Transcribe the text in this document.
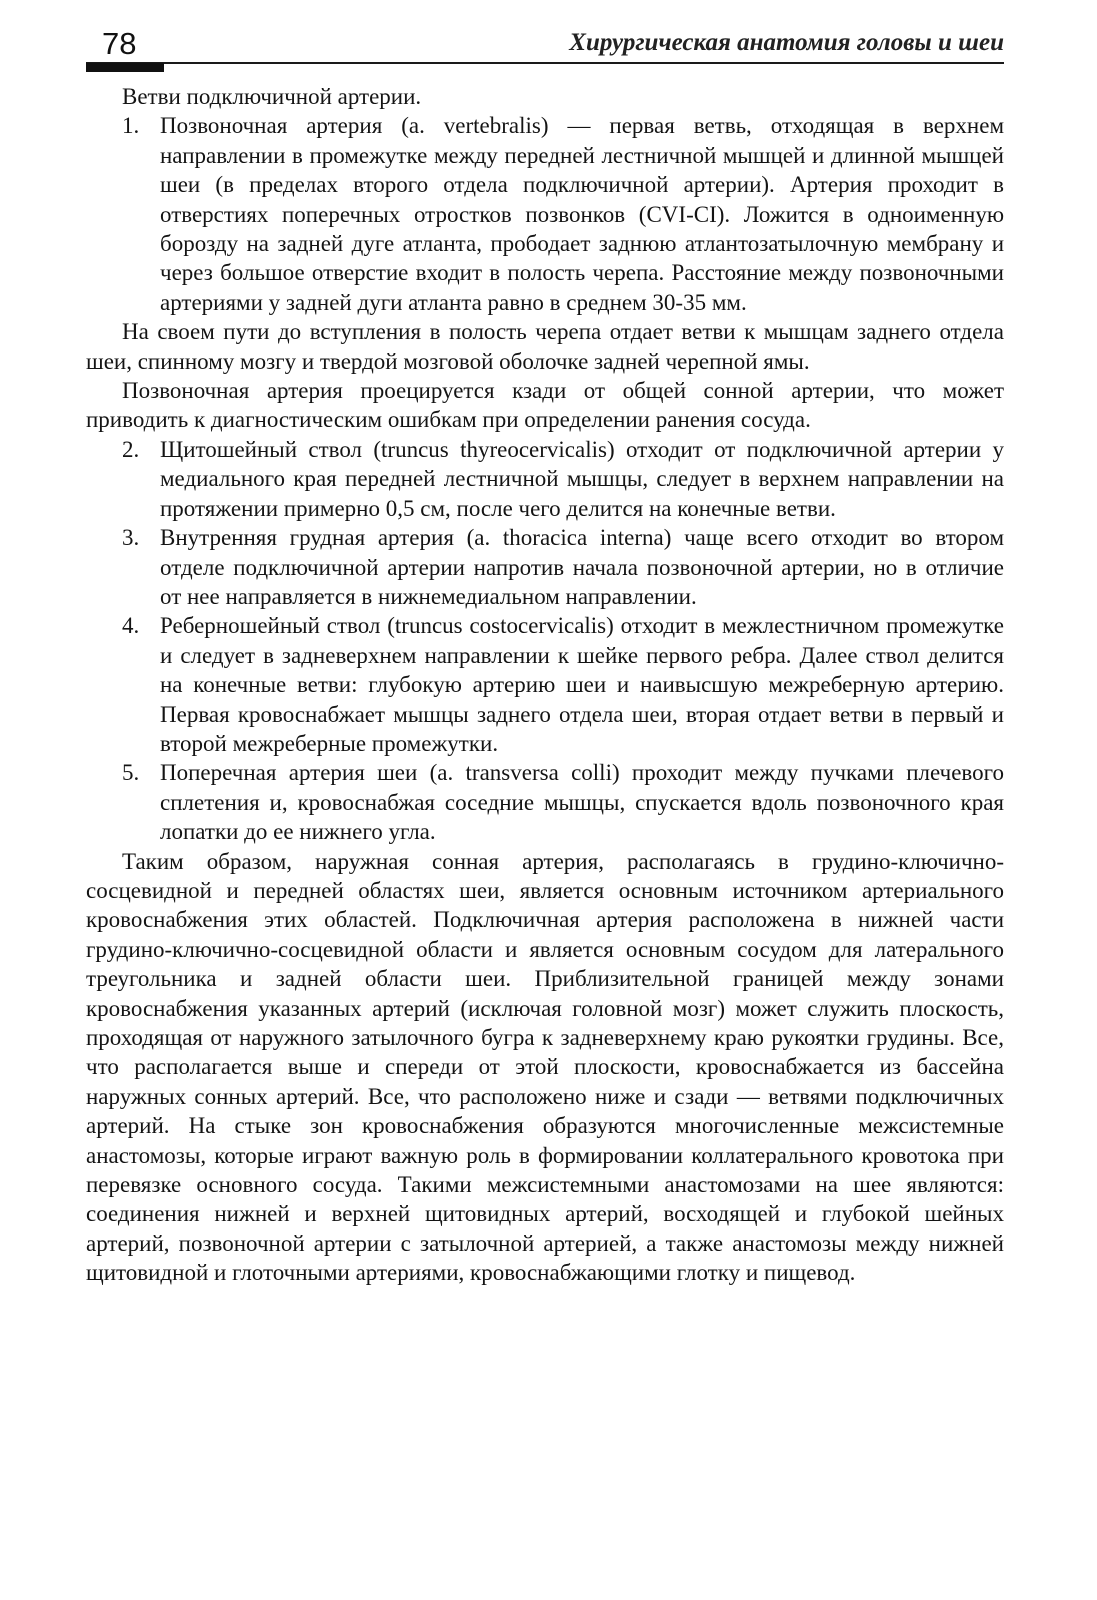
78	Хирургическая анатомия головы и шеи

Ветви подключичной артерии.

1. Позвоночная артерия (a. vertebralis) — первая ветвь, отходящая в верхнем направлении в промежутке между передней лестничной мышцей и длинной мышцей шеи (в пределах второго отдела подключичной артерии). Артерия проходит в отверстиях поперечных отростков позвонков (CVI-CI). Ложится в одноименную борозду на задней дуге атланта, прободает заднюю атлантозатылочную мембрану и через большое отверстие входит в полость черепа. Расстояние между позвоночными артериями у задней дуги атланта равно в среднем 30-35 мм.

На своем пути до вступления в полость черепа отдает ветви к мышцам заднего отдела шеи, спинному мозгу и твердой мозговой оболочке задней черепной ямы.

Позвоночная артерия проецируется кзади от общей сонной артерии, что может приводить к диагностическим ошибкам при определении ранения сосуда.

2. Щитошейный ствол (truncus thyreocervicalis) отходит от подключичной артерии у медиального края передней лестничной мышцы, следует в верхнем направлении на протяжении примерно 0,5 см, после чего делится на конечные ветви.

3. Внутренняя грудная артерия (a. thoracica interna) чаще всего отходит во втором отделе подключичной артерии напротив начала позвоночной артерии, но в отличие от нее направляется в нижнемедиальном направлении.

4. Реберношейный ствол (truncus costocervicalis) отходит в межлестничном промежутке и следует в задневерхнем направлении к шейке первого ребра. Далее ствол делится на конечные ветви: глубокую артерию шеи и наивысшую межреберную артерию. Первая кровоснабжает мышцы заднего отдела шеи, вторая отдает ветви в первый и второй межреберные промежутки.

5. Поперечная артерия шеи (a. transversa colli) проходит между пучками плечевого сплетения и, кровоснабжая соседние мышцы, спускается вдоль позвоночного края лопатки до ее нижнего угла.

Таким образом, наружная сонная артерия, располагаясь в грудино-ключично-сосцевидной и передней областях шеи, является основным источником артериального кровоснабжения этих областей. Подключичная артерия расположена в нижней части грудино-ключично-сосцевидной области и является основным сосудом для латерального треугольника и задней области шеи. Приблизительной границей между зонами кровоснабжения указанных артерий (исключая головной мозг) может служить плоскость, проходящая от наружного затылочного бугра к задневерхнему краю рукоятки грудины. Все, что располагается выше и спереди от этой плоскости, кровоснабжается из бассейна наружных сонных артерий. Все, что расположено ниже и сзади — ветвями подключичных артерий. На стыке зон кровоснабжения образуются многочисленные межсистемные анастомозы, которые играют важную роль в формировании коллатерального кровотока при перевязке основного сосуда. Такими межсистемными анастомозами на шее являются: соединения нижней и верхней щитовидных артерий, восходящей и глубокой шейных артерий, позвоночной артерии с затылочной артерией, а также анастомозы между нижней щитовидной и глоточными артериями, кровоснабжающими глотку и пищевод.
